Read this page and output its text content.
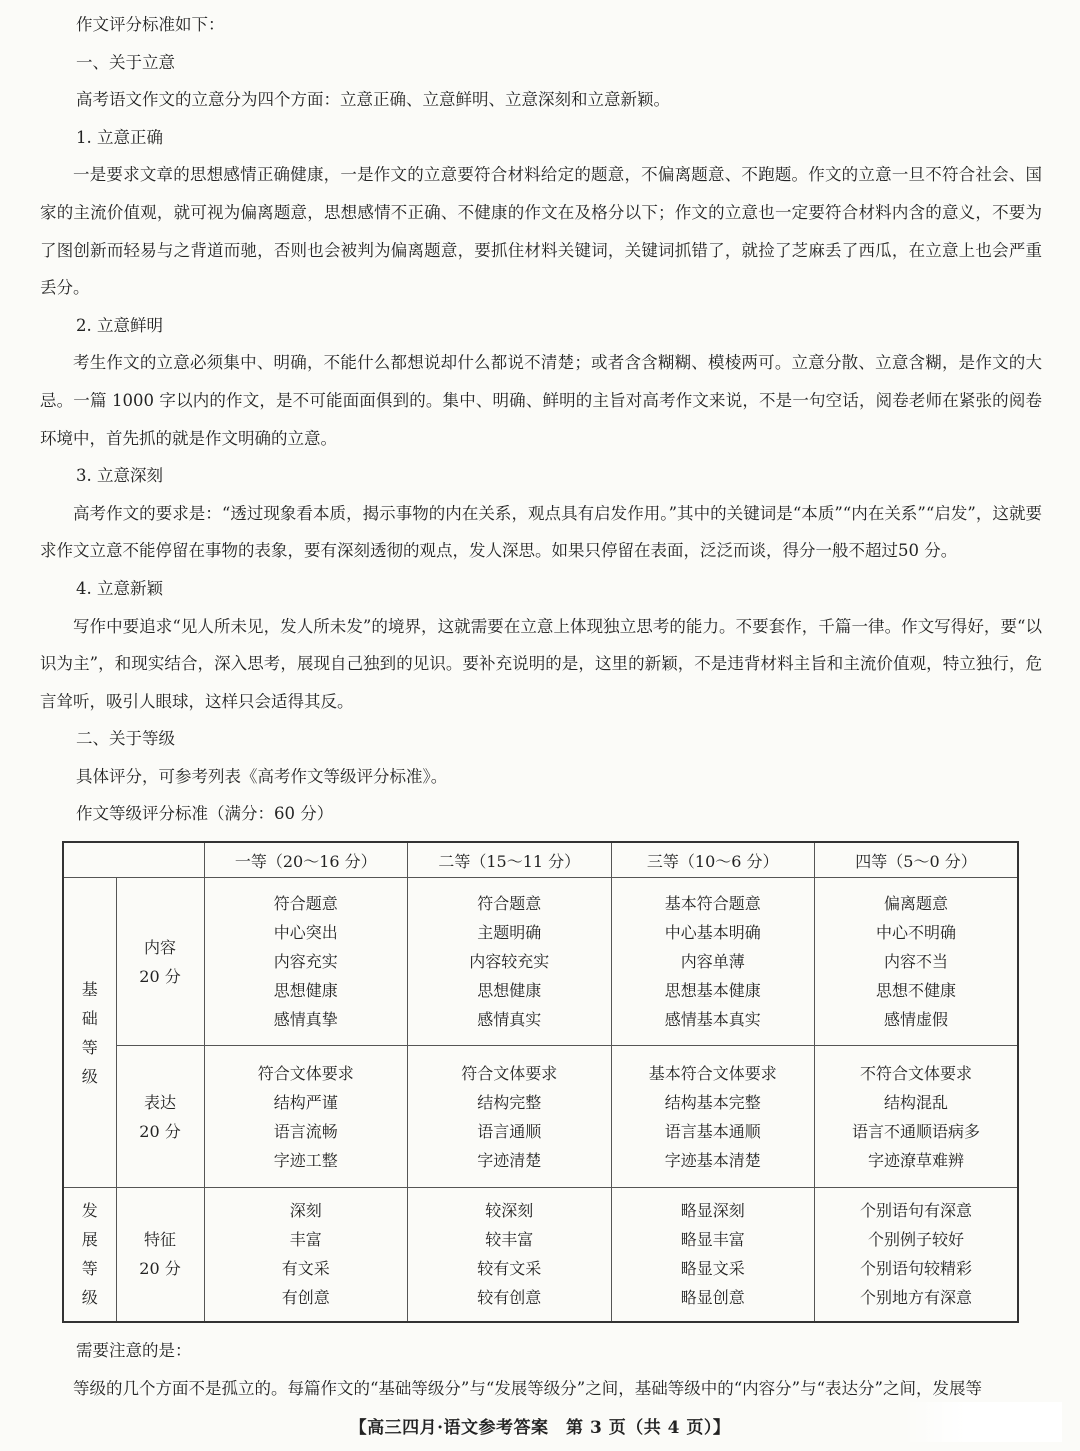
作文评分标准如下：

一、关于立意

高考语文作文的立意分为四个方面：立意正确、立意鲜明、立意深刻和立意新颖。

1. 立意正确

一是要求文章的思想感情正确健康，一是作文的立意要符合材料给定的题意，不偏离题意、不跑题。作文的立意一旦不符合社会、国家的主流价值观，就可视为偏离题意，思想感情不正确、不健康的作文在及格分以下；作文的立意也一定要符合材料内含的意义，不要为了图创新而轻易与之背道而驰，否则也会被判为偏离题意，要抓住材料关键词，关键词抓错了，就捡了芝麻丢了西瓜，在立意上也会严重丢分。

2. 立意鲜明

考生作文的立意必须集中、明确，不能什么都想说却什么都说不清楚；或者含含糊糊、模棱两可。立意分散、立意含糊，是作文的大忌。一篇 1000 字以内的作文，是不可能面面俱到的。集中、明确、鲜明的主旨对高考作文来说，不是一句空话，阅卷老师在紧张的阅卷环境中，首先抓的就是作文明确的立意。

3. 立意深刻

高考作文的要求是：“透过现象看本质，揭示事物的内在关系，观点具有启发作用。”其中的关键词是“本质”“内在关系”“启发”，这就要求作文立意不能停留在事物的表象，要有深刻透彻的观点，发人深思。如果只停留在表面，泛泛而谈，得分一般不超过50 分。

4. 立意新颖

写作中要追求“见人所未见，发人所未发”的境界，这就需要在立意上体现独立思考的能力。不要套作，千篇一律。作文写得好，要“以识为主”，和现实结合，深入思考，展现自己独到的见识。要补充说明的是，这里的新颖，不是违背材料主旨和主流价值观，特立独行，危言耸听，吸引人眼球，这样只会适得其反。

二、关于等级

具体评分，可参考列表《高考作文等级评分标准》。

作文等级评分标准（满分：60 分）

		一等（20～16 分）	二等（15～11 分）	三等（10～6 分）	四等（5～0 分）

基
础
等
级	内容
20 分	符合题意
中心突出
内容充实
思想健康
感情真挚	符合题意
主题明确
内容较充实
思想健康
感情真实	基本符合题意
中心基本明确
内容单薄
思想基本健康
感情基本真实	偏离题意
中心不明确
内容不当
思想不健康
感情虚假

	表达
20 分	符合文体要求
结构严谨
语言流畅
字迹工整	符合文体要求
结构完整
语言通顺
字迹清楚	基本符合文体要求
结构基本完整
语言基本通顺
字迹基本清楚	不符合文体要求
结构混乱
语言不通顺语病多
字迹潦草难辨

发
展
等
级	特征
20 分	深刻
丰富
有文采
有创意	较深刻
较丰富
较有文采
较有创意	略显深刻
略显丰富
略显文采
略显创意	个别语句有深意
个别例子较好
个别语句较精彩
个别地方有深意

需要注意的是：

等级的几个方面不是孤立的。每篇作文的“基础等级分”与“发展等级分”之间，基础等级中的“内容分”与“表达分”之间，发展等

【高三四月·语文参考答案　第 3 页（共 4 页）】
